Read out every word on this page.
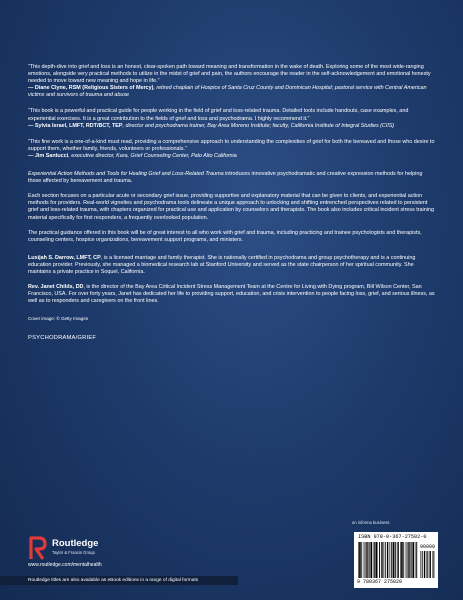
“This depth-dive into grief and loss is an honest, clear-spoken path toward meaning and transformation in the wake of death. Exploring some of the most wide-ranging emotions, alongside very practical methods to utilize in the midst of grief and pain, the authors encourage the reader in the self-acknowledgement and emotional honesty needed to move toward new meaning and hope in life.”

— Diane Clyne, RSM (Religious Sisters of Mercy), retired chaplain of Hospice of Santa Cruz County and Dominican Hospital; pastoral service with Central American victims and survivors of trauma and abuse

“This book is a powerful and practical guide for people working in the field of grief and loss-related trauma. Detailed tools include handouts, case examples, and experiential exercises. It is a great contribution to the fields of grief and loss and psychodrama. I highly recommend it.”

— Sylvia Israel, LMFT, RDT/BCT, TEP, director and psychodrama trainer, Bay Area Moreno Institute; faculty, California Institute of Integral Studies (CIIS)

“This fine work is a one-of-a-kind must read, providing a comprehensive approach to understanding the complexities of grief for both the bereaved and those who desire to support them, whether family, friends, volunteers or professionals.”

— Jim Santucci, executive director, Kara, Grief Counseling Center, Palo Alto California

Experiential Action Methods and Tools for Healing Grief and Loss-Related Trauma introduces innovative psychodramatic and creative expression methods for helping those affected by bereavement and trauma.

Each section focuses on a particular acute or secondary grief issue, providing supportive and explanatory material that can be given to clients, and experiential action methods for providers. Real-world vignettes and psychodrama tools delineate a unique approach to unlocking and shifting entrenched perspectives related to persistent grief and loss-related trauma, with chapters organized for practical use and application by counselors and therapists. The book also includes critical incident stress training material specifically for first responders, a frequently overlooked population.

The practical guidance offered in this book will be of great interest to all who work with grief and trauma, including practicing and trainee psychologists and therapists, counseling centers, hospice organizations, bereavement support programs, and ministers.

Lusijah S. Darrow, LMFT, CP, is a licensed marriage and family therapist. She is nationally certified in psychodrama and group psychotherapy and is a continuing education provider. Previously, she managed a biomedical research lab at Stanford University and served as the state chairperson of her spiritual community. She maintains a private practice in Soquel, California.

Rev. Janet Childs, DD, is the director of the Bay Area Critical Incident Stress Management Team at the Centre for Living with Dying program, Bill Wilson Center, San Francisco, USA. For over forty years, Janet has dedicated her life to providing support, education, and crisis intervention to people facing loss, grief, and serious illness, as well as to responders and caregivers on the front lines.

Cover image: © Getty Images

PSYCHODRAMA/GRIEF

an informa business
Routledge
Taylor & Francis Group
www.routledge.com/mentalhealth
Routledge titles are also available as eBook editions in a range of digital formats
ISBN 978-0-367-27502-0
90000
9 780367 275020
